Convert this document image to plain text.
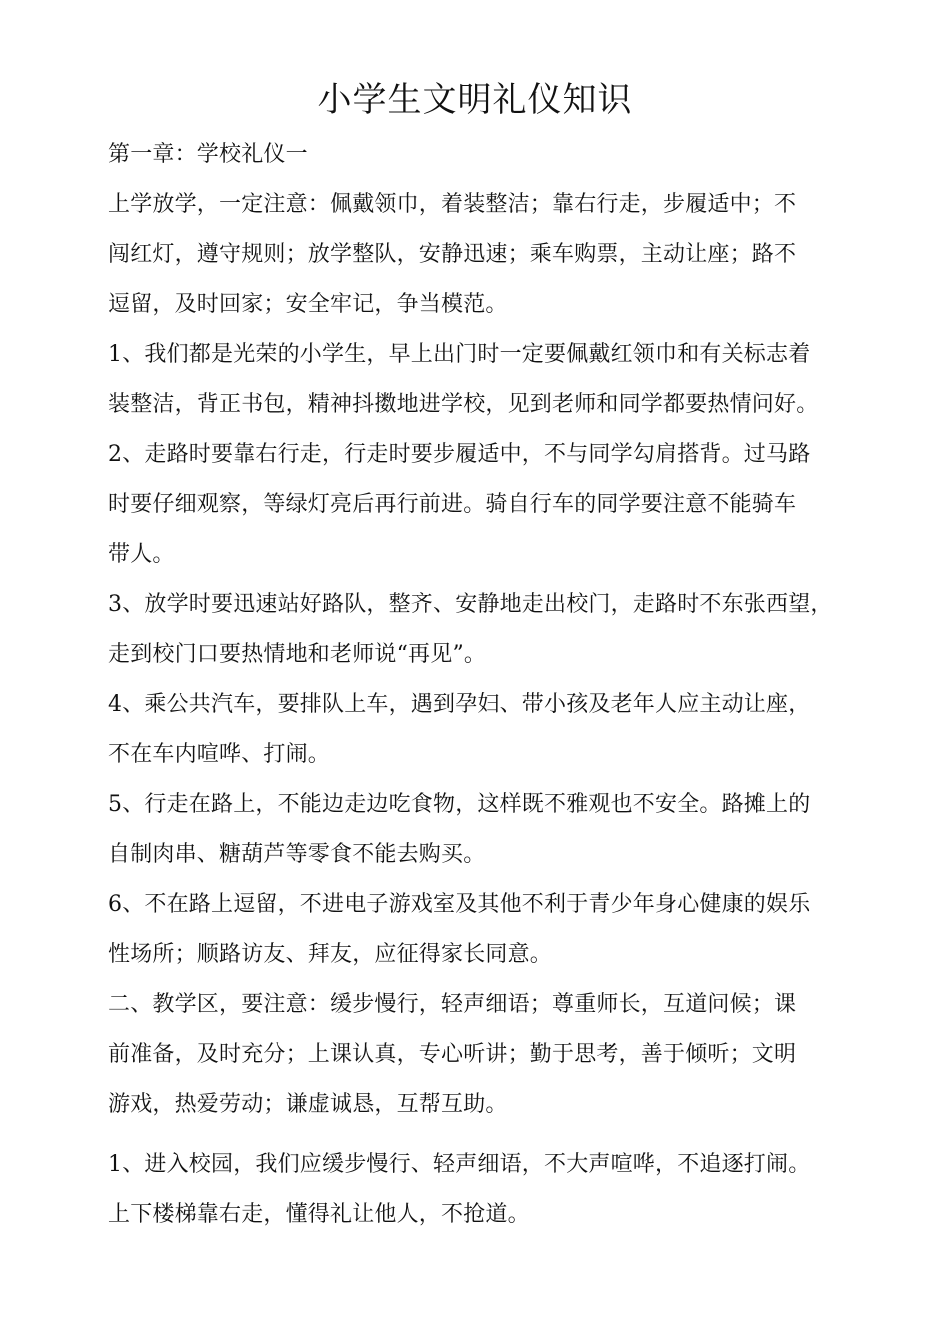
小学生文明礼仪知识

第一章：学校礼仪一

上学放学，一定注意：佩戴领巾，着装整洁；靠右行走，步履适中；不

闯红灯，遵守规则；放学整队，安静迅速；乘车购票，主动让座；路不

逗留，及时回家；安全牢记，争当模范。

1、我们都是光荣的小学生，早上出门时一定要佩戴红领巾和有关标志着

装整洁，背正书包，精神抖擞地进学校，见到老师和同学都要热情问好。

2、走路时要靠右行走，行走时要步履适中，不与同学勾肩搭背。过马路

时要仔细观察，等绿灯亮后再行前进。骑自行车的同学要注意不能骑车

带人。

3、放学时要迅速站好路队，整齐、安静地走出校门，走路时不东张西望，

走到校门口要热情地和老师说“再见”。

4、乘公共汽车，要排队上车，遇到孕妇、带小孩及老年人应主动让座，

不在车内喧哗、打闹。

5、行走在路上，不能边走边吃食物，这样既不雅观也不安全。路摊上的

自制肉串、糖葫芦等零食不能去购买。

6、不在路上逗留，不进电子游戏室及其他不利于青少年身心健康的娱乐

性场所；顺路访友、拜友，应征得家长同意。

二、教学区，要注意：缓步慢行，轻声细语；尊重师长，互道问候；课

前准备，及时充分；上课认真，专心听讲；勤于思考，善于倾听；文明

游戏，热爱劳动；谦虚诚恳，互帮互助。

1、进入校园，我们应缓步慢行、轻声细语，不大声喧哗，不追逐打闹。

上下楼梯靠右走，懂得礼让他人，不抢道。
